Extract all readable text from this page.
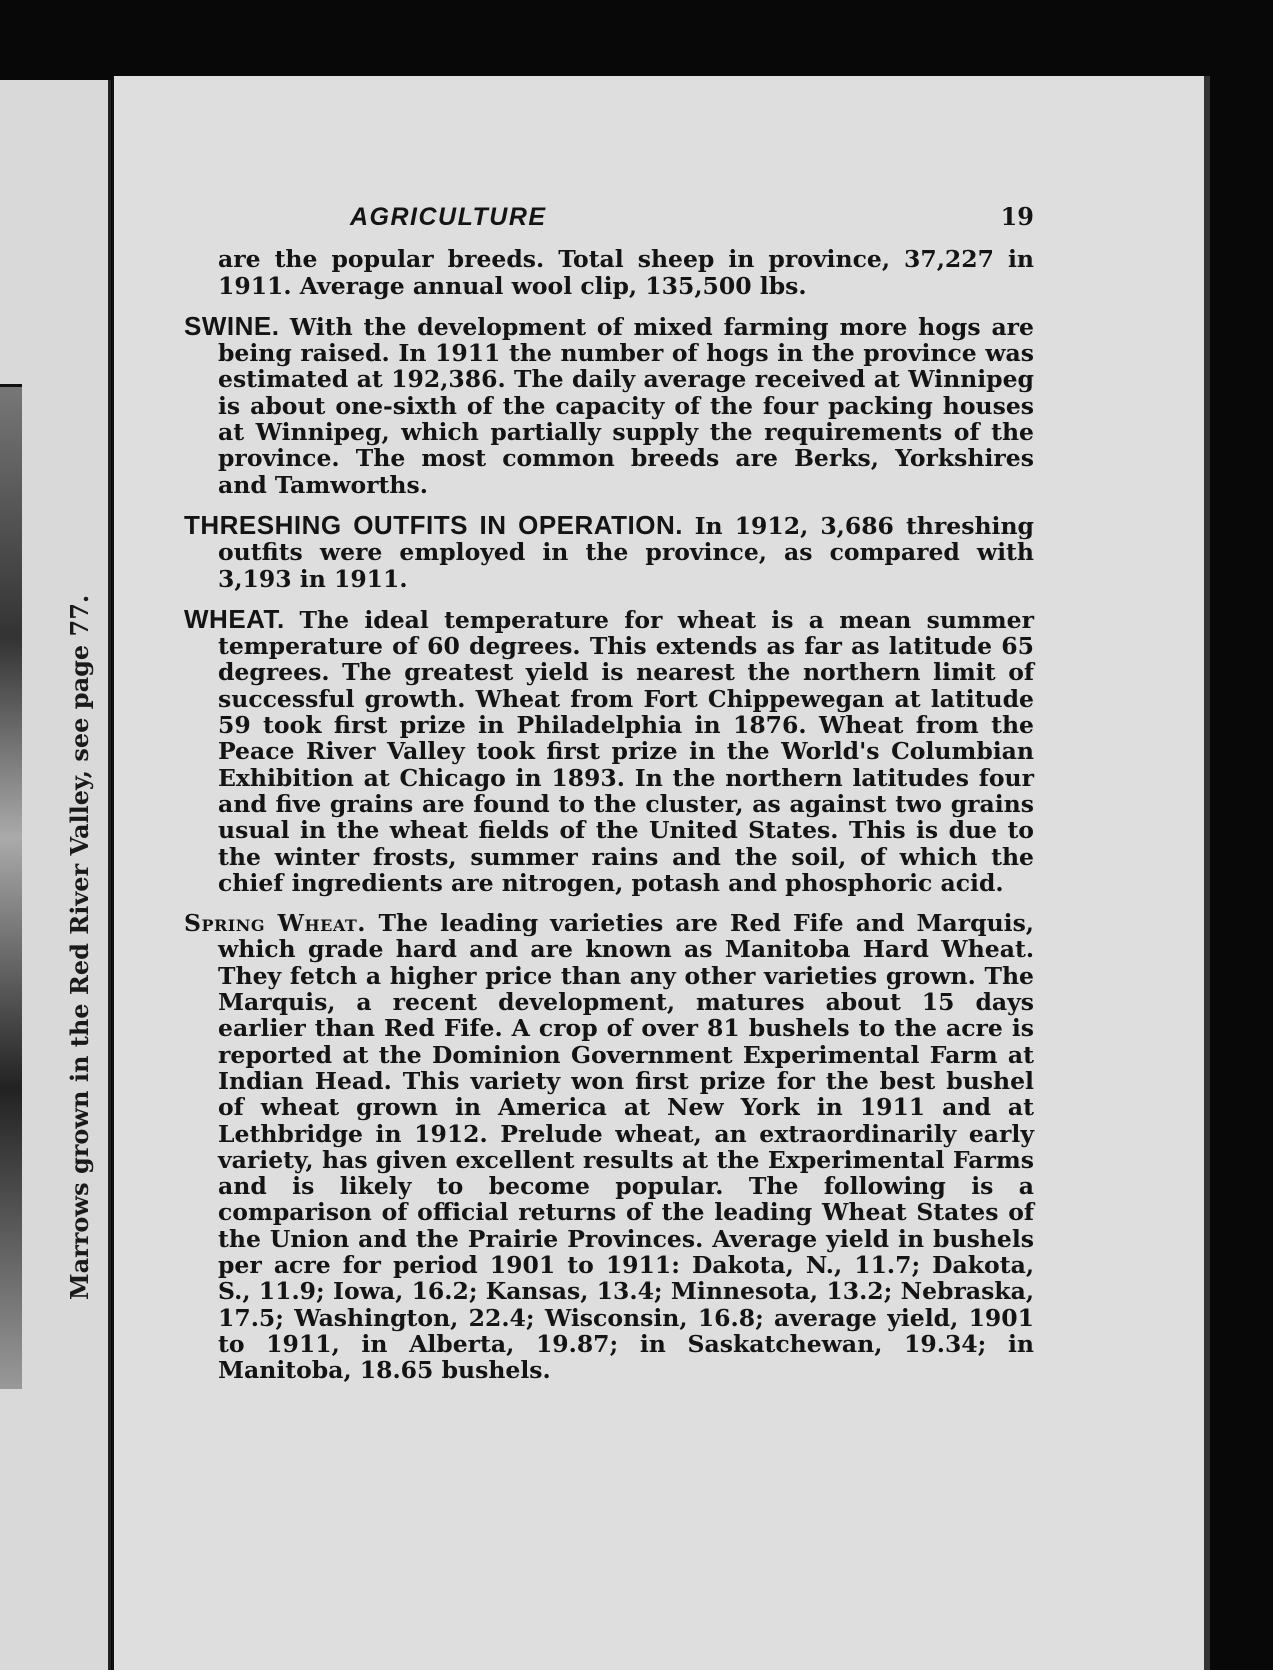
Marrows grown in the Red River Valley, see page 77.
AGRICULTURE	19

are the popular breeds. Total sheep in province, 37,227 in 1911. Average annual wool clip, 135,500 lbs.

SWINE. With the development of mixed farming more hogs are being raised. In 1911 the number of hogs in the province was estimated at 192,386. The daily average received at Winnipeg is about one-sixth of the capacity of the four packing houses at Winnipeg, which partially supply the requirements of the province. The most common breeds are Berks, Yorkshires and Tamworths.

THRESHING OUTFITS IN OPERATION. In 1912, 3,686 threshing outfits were employed in the province, as compared with 3,193 in 1911.

WHEAT. The ideal temperature for wheat is a mean summer temperature of 60 degrees. This extends as far as latitude 65 degrees. The greatest yield is nearest the northern limit of successful growth. Wheat from Fort Chippewegan at latitude 59 took first prize in Philadelphia in 1876. Wheat from the Peace River Valley took first prize in the World's Columbian Exhibition at Chicago in 1893. In the northern latitudes four and five grains are found to the cluster, as against two grains usual in the wheat fields of the United States. This is due to the winter frosts, summer rains and the soil, of which the chief ingredients are nitrogen, potash and phosphoric acid.

Spring Wheat. The leading varieties are Red Fife and Marquis, which grade hard and are known as Manitoba Hard Wheat. They fetch a higher price than any other varieties grown. The Marquis, a recent development, matures about 15 days earlier than Red Fife. A crop of over 81 bushels to the acre is reported at the Dominion Government Experimental Farm at Indian Head. This variety won first prize for the best bushel of wheat grown in America at New York in 1911 and at Lethbridge in 1912. Prelude wheat, an extraordinarily early variety, has given excellent results at the Experimental Farms and is likely to become popular. The following is a comparison of official returns of the leading Wheat States of the Union and the Prairie Provinces. Average yield in bushels per acre for period 1901 to 1911: Dakota, N., 11.7; Dakota, S., 11.9; Iowa, 16.2; Kansas, 13.4; Minnesota, 13.2; Nebraska, 17.5; Washington, 22.4; Wisconsin, 16.8; average yield, 1901 to 1911, in Alberta, 19.87; in Saskatchewan, 19.34; in Manitoba, 18.65 bushels.
